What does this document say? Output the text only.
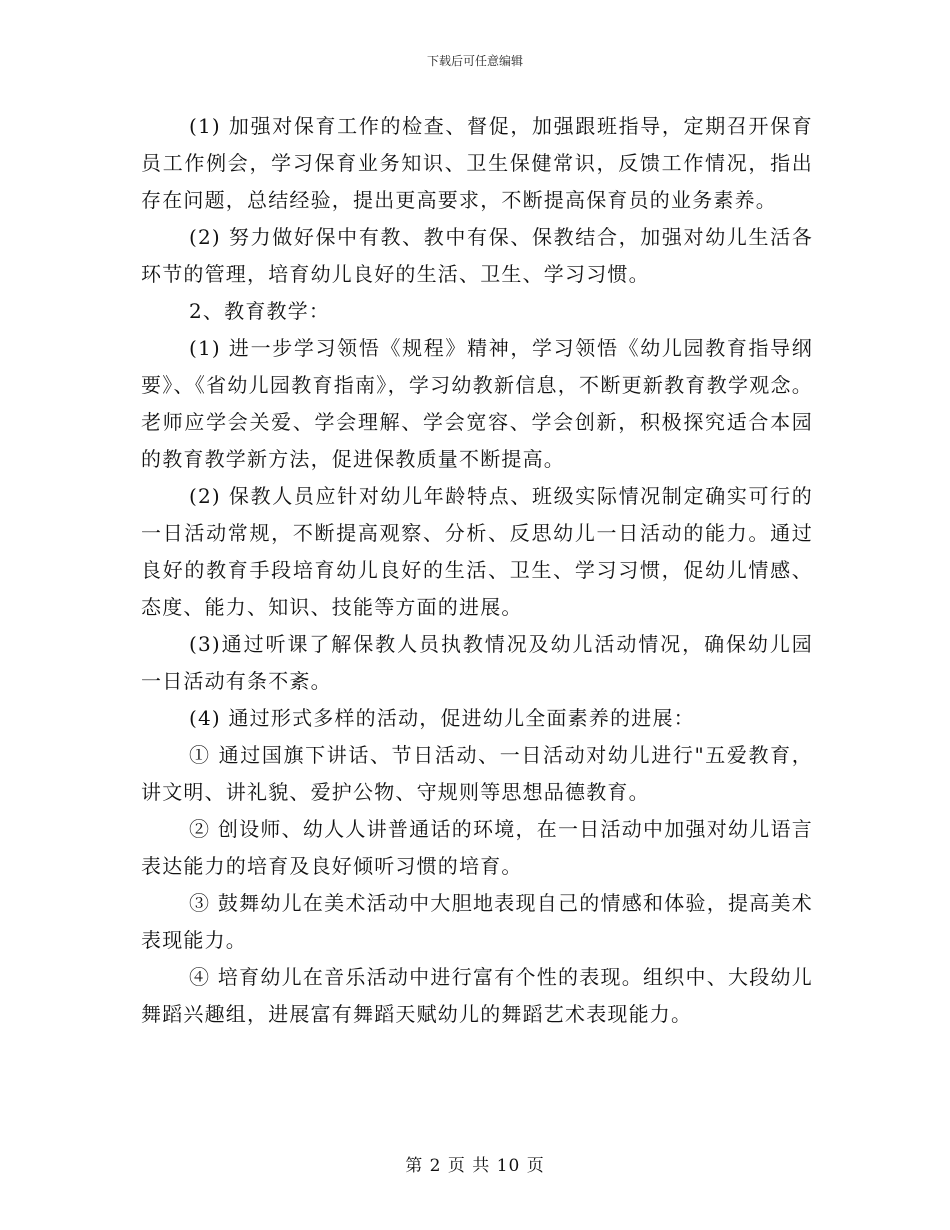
下载后可任意编辑

(1) 加强对保育工作的检查、督促，加强跟班指导，定期召开保育员工作例会，学习保育业务知识、卫生保健常识，反馈工作情况，指出存在问题，总结经验，提出更高要求，不断提高保育员的业务素养。

(2) 努力做好保中有教、教中有保、保教结合，加强对幼儿生活各环节的管理，培育幼儿良好的生活、卫生、学习习惯。

2、教育教学：

(1) 进一步学习领悟《规程》精神，学习领悟《幼儿园教育指导纲要》、《省幼儿园教育指南》，学习幼教新信息，不断更新教育教学观念。老师应学会关爱、学会理解、学会宽容、学会创新，积极探究适合本园的教育教学新方法，促进保教质量不断提高。

(2) 保教人员应针对幼儿年龄特点、班级实际情况制定确实可行的一日活动常规，不断提高观察、分析、反思幼儿一日活动的能力。通过良好的教育手段培育幼儿良好的生活、卫生、学习习惯，促幼儿情感、态度、能力、知识、技能等方面的进展。

(3)通过听课了解保教人员执教情况及幼儿活动情况，确保幼儿园一日活动有条不紊。

(4) 通过形式多样的活动，促进幼儿全面素养的进展：

① 通过国旗下讲话、节日活动、一日活动对幼儿进行"五爱教育，讲文明、讲礼貌、爱护公物、守规则等思想品德教育。

② 创设师、幼人人讲普通话的环境，在一日活动中加强对幼儿语言表达能力的培育及良好倾听习惯的培育。

③ 鼓舞幼儿在美术活动中大胆地表现自己的情感和体验，提高美术表现能力。

④ 培育幼儿在音乐活动中进行富有个性的表现。组织中、大段幼儿舞蹈兴趣组，进展富有舞蹈天赋幼儿的舞蹈艺术表现能力。

第 2 页 共 10 页
